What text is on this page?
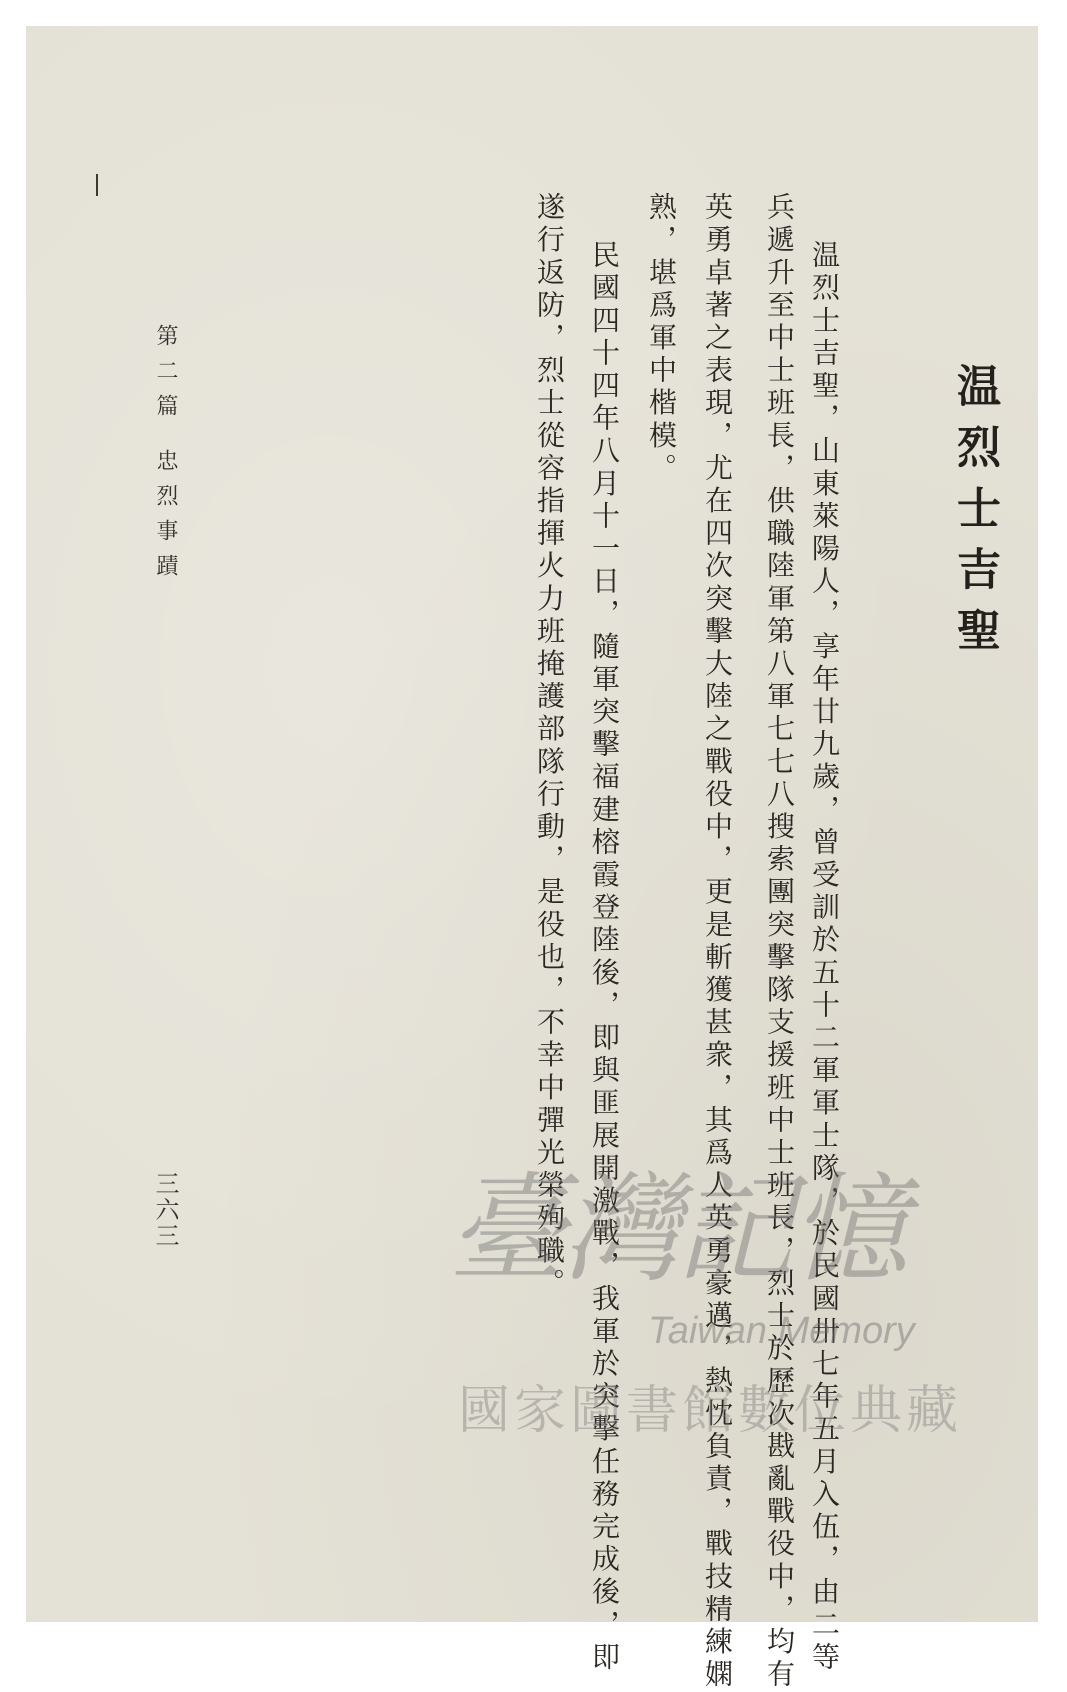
温烈士吉聖
温烈士吉聖，山東萊陽人，享年廿九歲，曾受訓於五十二軍軍士隊，於民國卅七年五月入伍，由二等
兵遞升至中士班長，供職陸軍第八軍七七八搜索團突擊隊支援班中士班長，烈士於歷次戡亂戰役中，均有
英勇卓著之表現，尤在四次突擊大陸之戰役中，更是斬獲甚衆，其爲人英勇豪邁，熱忱負責，戰技精練嫻
熟，堪爲軍中楷模。
民國四十四年八月十一日，隨軍突擊福建榕霞登陸後，即與匪展開激戰，我軍於突擊任務完成後，即
遂行返防，烈士從容指揮火力班掩護部隊行動，是役也，不幸中彈光榮殉職。
第二篇 忠烈事蹟
三六三 臺灣記憶
Taiwan Memory
國家圖書館數位典藏
